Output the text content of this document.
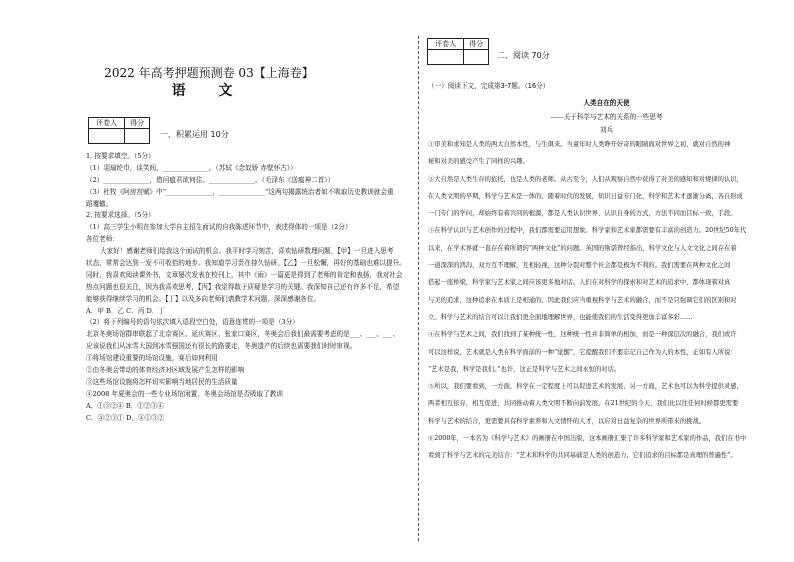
2022 年高考押题预测卷 03【上海卷】
语 文
评卷人	得分

一、积累运用 10分
1. 按要求填空。（5分）
（1）羽扇纶巾，谈笑间，______________。（苏轼《念奴娇 赤壁怀古》）
（2）______________，借问瘟君欲何往。______________。（毛泽东《送瘟神二首》）
（3）杜牧《阿房宫赋》中“______________，______________”这两句揭露统治者如不吸取历史教训就会重
蹈覆辙。
2. 按要求选择。（5分）
（1）高三学生小明在参加大学自主招生面试的自我陈述环节中，表述得体的一项是（2分）
各位老师：
大家好！感谢老师们给我这个面试的机会。我平时学习刻苦，喜欢钻研数理问题，【甲】一旦进入思考
状态，常常会达到一发不可收拾的地步。我知道学习贵在持久钻研。【乙】一旦松懈，再好的基础也难以提升。
同时，我喜欢阅读课外书，文章屡次发表在校刊上，其中《雨》一篇更是得到了老师的肯定和表扬，我对社会
热点问题也很关注，因为我喜欢思考，【丙】我觉得敢于质疑是学习的关键。我深知自己还有许多不足，希望
能够获得继续学习的机会。【丁】以及多向老师们请教学术问题，深深感谢各位。
A．甲 B．乙 C．丙 D．丁
（2）将下列编号的语句依次填入语段空白处，语意连贯的一项是（3分）
北京冬奥场馆群串联起了北京赛区、延庆赛区、张家口赛区，冬奥会后我们最需要考虑的是___、___、___、
应该说我们从冰雪大国到冰雪强国还有很长的路要走，冬奥遗产的后续也需要我们时时审视。
①将场馆建设重要的场馆设施，赛后如何利用
②由冬奥会带动的体育经济对区域发展产生怎样的影响
③这些场馆设施将怎样切实影响当地居民的生活质量
④2008 年夏奥会的一些专业场馆闲置，冬奥会场馆是否吸取了教训
A．①③②④ B．①②③④
C．④②③① D．④①③②
评卷人	得分

二、阅读 70分
（一）阅读下文，完成第3-7题。（16分）
人类自在的天使
——关于科学与艺术的关系的一些思考
刘兵
①审美和求知是人类的两大自然本性，与生俱来。当童年时人类睁开好奇的眼睛面对世界之初，就对自然的神
秘和对美的感受产生了同样的兴趣。
②大自然是人类生存的依托，也是人类的老师。从古至今，人们从观察自然中获得了对美的感知和对规律的认识，
在人类文明的早期，科学与艺术是一体的。随着时代的发展，知识日益专门化，科学和艺术才逐渐分离，各自形成
一门专门的学问，却始终有着共同的根源，都是人类认识世界、认识自身的方式，方法不同而目标一致，手段。
③在科学认识与艺术创作的过程中，我们都需要运用想象。科学家和艺术家都需要有丰富的创造力。20世纪50年代
以来，在学术界就一直存在着所谓的“两种文化”的问题。英国的斯诺曾经指出，科学文化与人文文化之间存在着
一道深深的鸿沟，双方互不理解，互相轻视，这种分裂对整个社会都是极为不利的。我们需要在两种文化之间
搭起一座桥梁，科学家与艺术家之间应该更多地对话。人们在对科学的探索和对艺术的追求中，都体现着对真
与美的追求，这种追求在本质上是相通的。因此我们应当重视科学与艺术的融合，而不是只强调它们的区别和对
立。科学与艺术的结合可以让我们更全面地理解世界，也能使我们的生活变得更加丰富多彩……
④在科学与艺术之间，我们找到了某种统一性，这种统一性并非简单的相加，而是一种深层次的融合，我们或许
可以这样说，艺术就是人类在科学面前的一种“觉醒”，它提醒我们不要忘记自己作为人的本性，正如有人所说：
“艺术是我，科学是我们。”也许，这正是科学与艺术之间永恒的对话。
⑤所以，我们要看到，一方面，科学在一定程度上可以促进艺术的发展，另一方面，艺术也可以为科学提供灵感，
两者相互依存，相互促进，共同推动着人类文明不断向前发展。在21世纪的今天，我们比以往任何时候都更需要
科学与艺术的结合，更需要具有科学素养和人文情怀的人才，以应对日益复杂的世界所带来的挑战。
⑥2000年，一本名为《科学与艺术》的画册在中国出版，这本画册汇集了许多科学家和艺术家的作品，我们在书中
看到了科学与艺术的完美结合：“艺术和科学的共同基础是人类的创造力，它们追求的目标都是真理的普遍性”。
